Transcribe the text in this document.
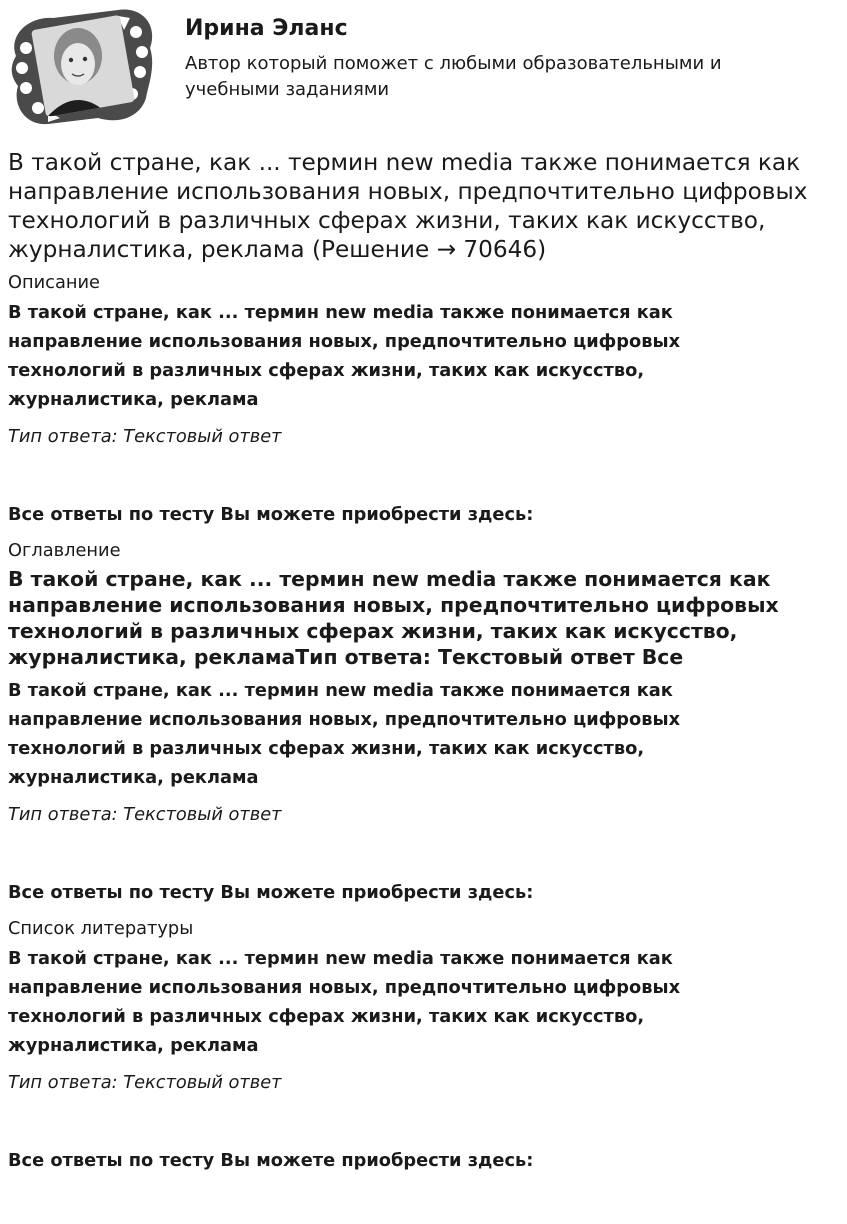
Ирина Эланс
Автор который поможет с любыми образовательными и учебными заданиями
В такой стране, как ... термин new media также понимается как направление использования новых, предпочтительно цифровых технологий в различных сферах жизни, таких как искусство, журналистика, реклама (Решение → 70646)
Описание

В такой стране, как ... термин new media также понимается как направление использования новых, предпочтительно цифровых технологий в различных сферах жизни, таких как искусство, журналистика, реклама

Тип ответа: Текстовый ответ

Все ответы по тесту Вы можете приобрести здесь:

Оглавление
В такой стране, как ... термин new media также понимается как направление использования новых, предпочтительно цифровых технологий в различных сферах жизни, таких как искусство, журналистика, рекламаТип ответа: Текстовый ответ Все

В такой стране, как ... термин new media также понимается как направление использования новых, предпочтительно цифровых технологий в различных сферах жизни, таких как искусство, журналистика, реклама

Тип ответа: Текстовый ответ

Все ответы по тесту Вы можете приобрести здесь:

Список литературы

В такой стране, как ... термин new media также понимается как направление использования новых, предпочтительно цифровых технологий в различных сферах жизни, таких как искусство, журналистика, реклама

Тип ответа: Текстовый ответ

Все ответы по тесту Вы можете приобрести здесь:
